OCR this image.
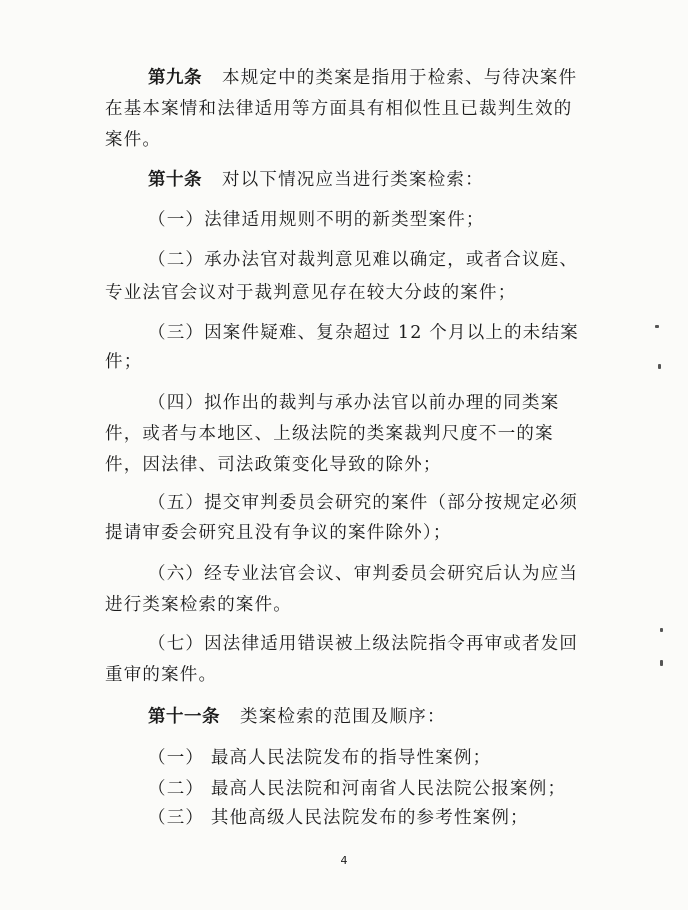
第九条 本规定中的类案是指用于检索、与待决案件
在基本案情和法律适用等方面具有相似性且已裁判生效的
案件。
第十条 对以下情况应当进行类案检索：
（一）法律适用规则不明的新类型案件；
（二）承办法官对裁判意见难以确定，或者合议庭、
专业法官会议对于裁判意见存在较大分歧的案件；
（三）因案件疑难、复杂超过 12 个月以上的未结案
件；
（四）拟作出的裁判与承办法官以前办理的同类案
件，或者与本地区、上级法院的类案裁判尺度不一的案
件，因法律、司法政策变化导致的除外；
（五）提交审判委员会研究的案件（部分按规定必须
提请审委会研究且没有争议的案件除外）；
（六）经专业法官会议、审判委员会研究后认为应当
进行类案检索的案件。
（七）因法律适用错误被上级法院指令再审或者发回
重审的案件。
第十一条 类案检索的范围及顺序：
（一） 最高人民法院发布的指导性案例；
（二） 最高人民法院和河南省人民法院公报案例；
（三） 其他高级人民法院发布的参考性案例；
4
